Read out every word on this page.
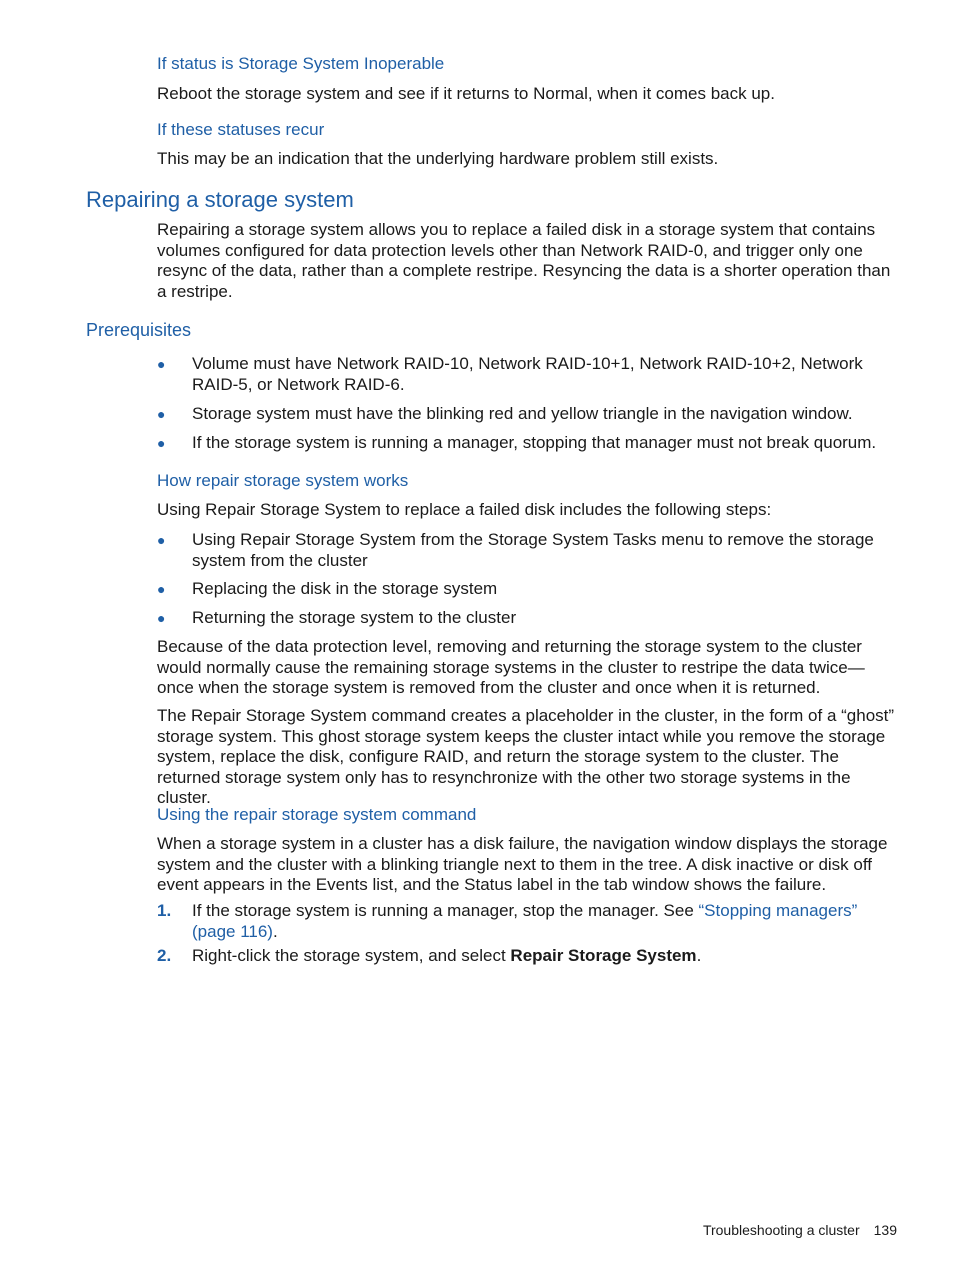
If status is Storage System Inoperable

Reboot the storage system and see if it returns to Normal, when it comes back up.

If these statuses recur

This may be an indication that the underlying hardware problem still exists.

Repairing a storage system

Repairing a storage system allows you to replace a failed disk in a storage system that contains volumes configured for data protection levels other than Network RAID-0, and trigger only one resync of the data, rather than a complete restripe. Resyncing the data is a shorter operation than a restripe.

Prerequisites
● Volume must have Network RAID-10, Network RAID-10+1, Network RAID-10+2, Network RAID-5, or Network RAID-6.
● Storage system must have the blinking red and yellow triangle in the navigation window.
● If the storage system is running a manager, stopping that manager must not break quorum.
How repair storage system works

Using Repair Storage System to replace a failed disk includes the following steps:

● Using Repair Storage System from the Storage System Tasks menu to remove the storage system from the cluster
● Replacing the disk in the storage system
● Returning the storage system to the cluster

Because of the data protection level, removing and returning the storage system to the cluster would normally cause the remaining storage systems in the cluster to restripe the data twice—once when the storage system is removed from the cluster and once when it is returned.

The Repair Storage System command creates a placeholder in the cluster, in the form of a “ghost” storage system. This ghost storage system keeps the cluster intact while you remove the storage system, replace the disk, configure RAID, and return the storage system to the cluster. The returned storage system only has to resynchronize with the other two storage systems in the cluster.

Using the repair storage system command

When a storage system in a cluster has a disk failure, the navigation window displays the storage system and the cluster with a blinking triangle next to them in the tree. A disk inactive or disk off event appears in the Events list, and the Status label in the tab window shows the failure.

1. If the storage system is running a manager, stop the manager. See “Stopping managers” (page 116).
2. Right-click the storage system, and select Repair Storage System.
Troubleshooting a cluster 139
